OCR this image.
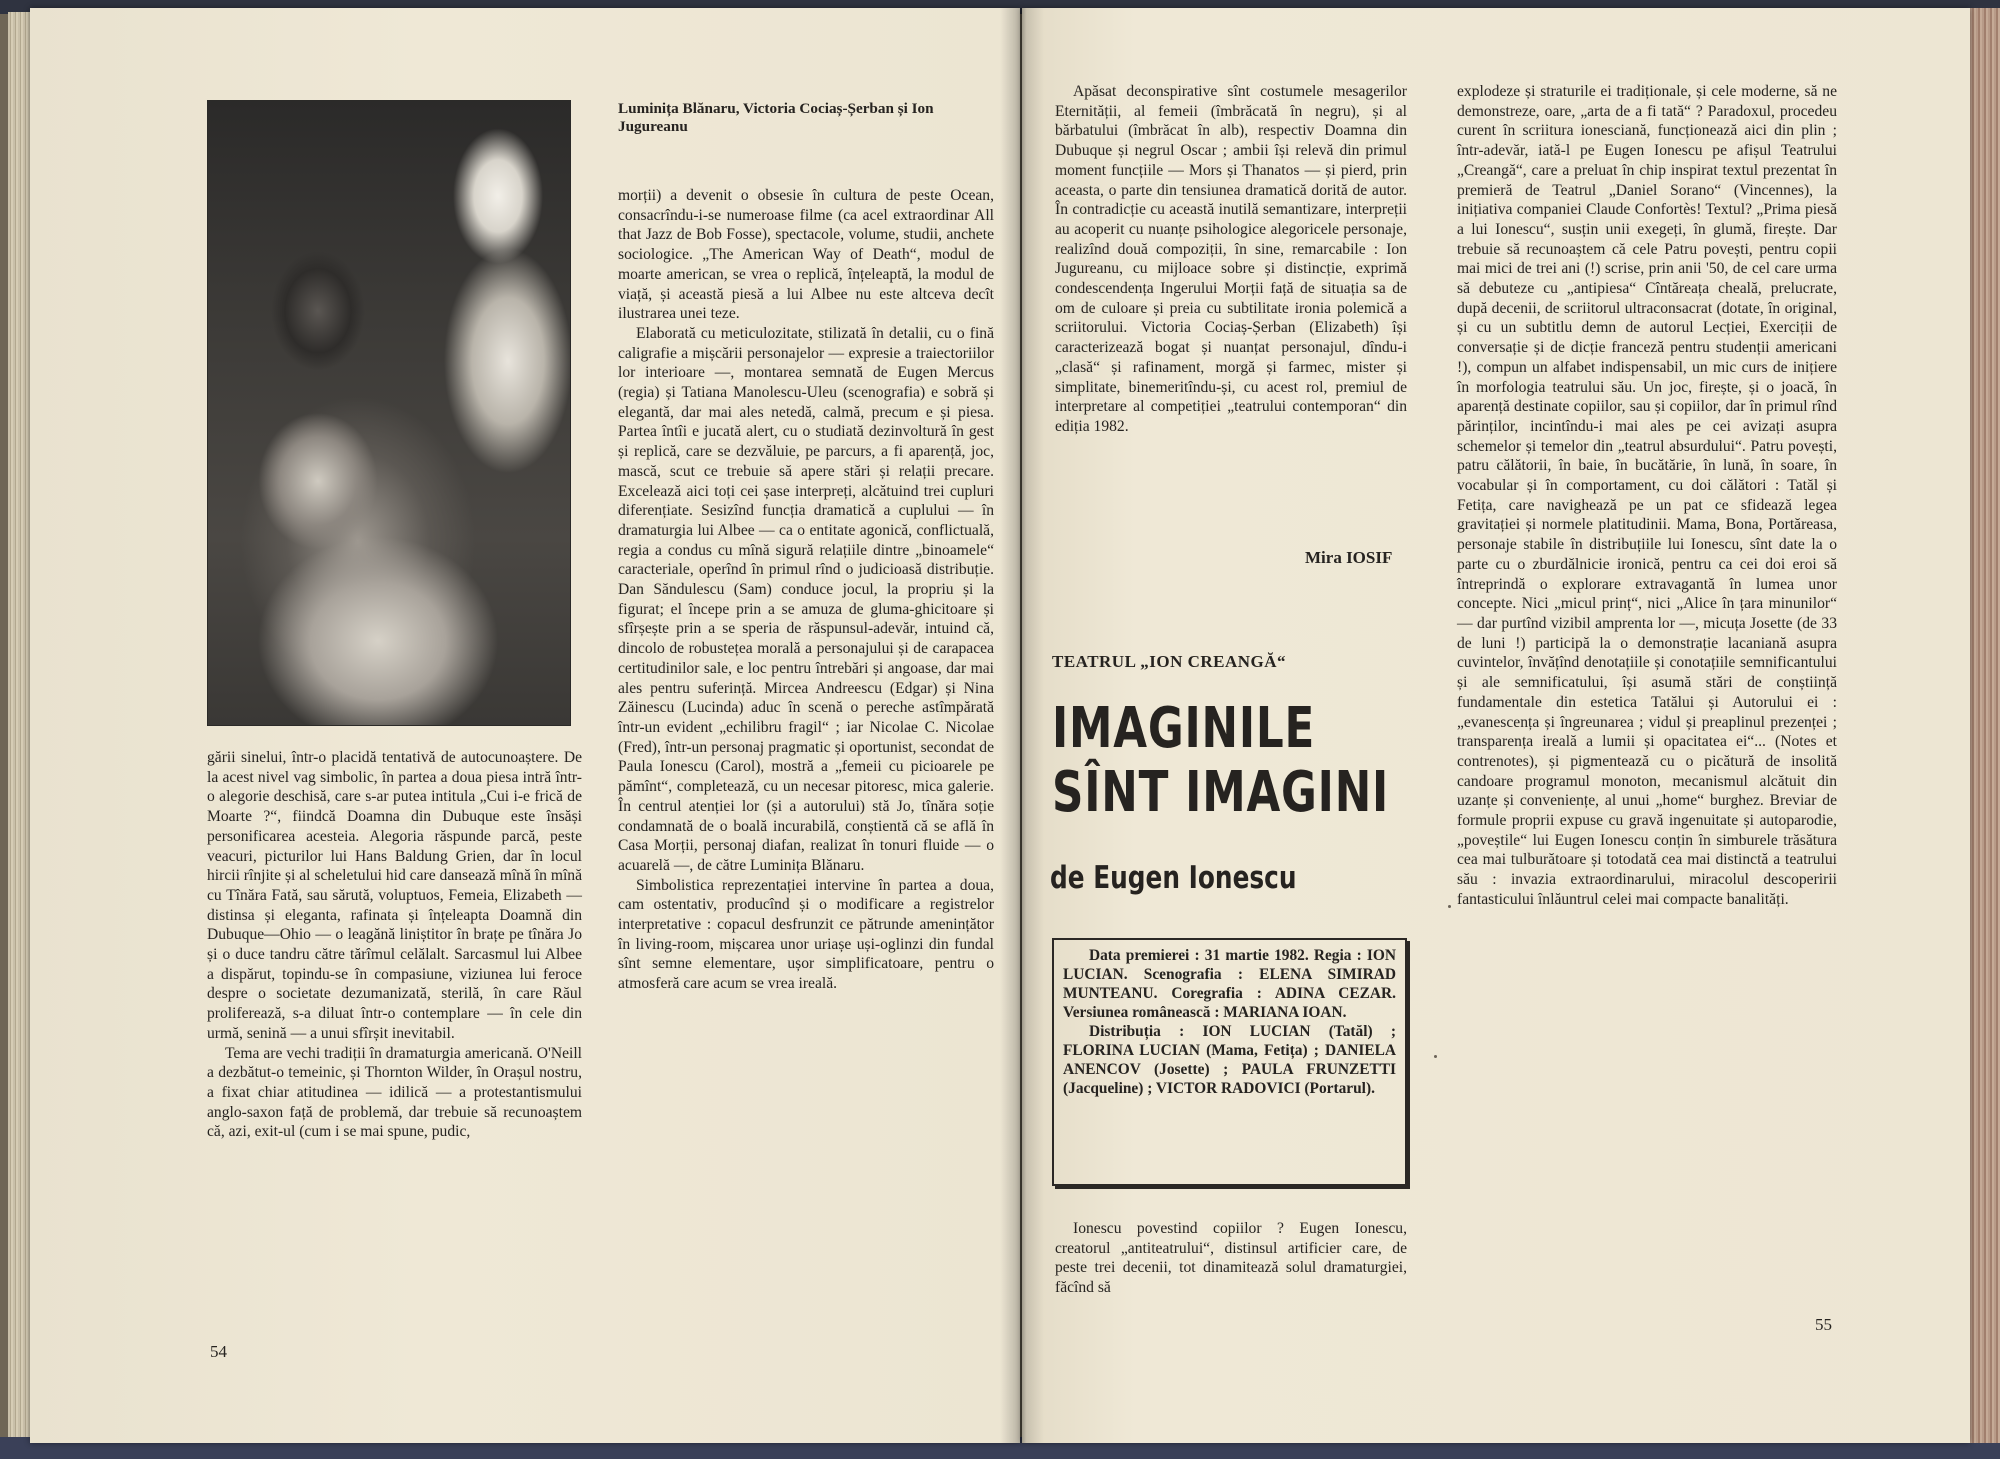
Luminița Blănaru, Victoria Cociaș-Șerban și Ion Jugureanu

gării sinelui, într-o placidă tentativă de autocunoaștere. De la acest nivel vag simbolic, în partea a doua piesa intră într-o alegorie deschisă, care s-ar putea intitula „Cui i-e frică de Moarte ?“, fiindcă Doamna din Dubuque este însăși personificarea acesteia. Alegoria răspunde parcă, peste veacuri, picturilor lui Hans Baldung Grien, dar în locul hircii rînjite și al scheletului hid care dansează mînă în mînă cu Tînăra Fată, sau sărută, voluptuos, Femeia, Elizabeth — distinsa și eleganta, rafinata și înțeleapta Doamnă din Dubuque—Ohio — o leagănă liniștitor în brațe pe tînăra Jo și o duce tandru către tărîmul celălalt. Sarcasmul lui Albee a dispărut, topindu-se în compasiune, viziunea lui feroce despre o societate dezumanizată, sterilă, în care Răul proliferează, s-a diluat într-o contemplare — în cele din urmă, senină — a unui sfîrșit inevitabil.

Tema are vechi tradiții în dramaturgia americană. O'Neill a dezbătut-o temeinic, și Thornton Wilder, în Orașul nostru, a fixat chiar atitudinea — idilică — a protestantismului anglo-saxon față de problemă, dar trebuie să recunoaștem că, azi, exit-ul (cum i se mai spune, pudic,

morții) a devenit o obsesie în cultura de peste Ocean, consacrîndu-i-se numeroase filme (ca acel extraordinar All that Jazz de Bob Fosse), spectacole, volume, studii, anchete sociologice. „The American Way of Death“, modul de moarte american, se vrea o replică, înțeleaptă, la modul de viață, și această piesă a lui Albee nu este altceva decît ilustrarea unei teze.

Elaborată cu meticulozitate, stilizată în detalii, cu o fină caligrafie a mișcării personajelor — expresie a traiectoriilor lor interioare —, montarea semnată de Eugen Mercus (regia) și Tatiana Manolescu-Uleu (scenografia) e sobră și elegantă, dar mai ales netedă, calmă, precum e și piesa. Partea întîi e jucată alert, cu o studiată dezinvoltură în gest și replică, care se dezvăluie, pe parcurs, a fi aparență, joc, mască, scut ce trebuie să apere stări și relații precare. Excelează aici toți cei șase interpreți, alcătuind trei cupluri diferențiate. Sesizînd funcția dramatică a cuplului — în dramaturgia lui Albee — ca o entitate agonică, conflictuală, regia a condus cu mînă sigură relațiile dintre „binoamele“ caracteriale, operînd în primul rînd o judicioasă distribuție. Dan Săndulescu (Sam) conduce jocul, la propriu și la figurat; el începe prin a se amuza de gluma-ghicitoare și sfîrșește prin a se speria de răspunsul-adevăr, intuind că, dincolo de robustețea morală a personajului și de carapacea certitudinilor sale, e loc pentru întrebări și angoase, dar mai ales pentru suferință. Mircea Andreescu (Edgar) și Nina Zăinescu (Lucinda) aduc în scenă o pereche astîmpărată într-un evident „echilibru fragil“ ; iar Nicolae C. Nicolae (Fred), într-un personaj pragmatic și oportunist, secondat de Paula Ionescu (Carol), mostră a „femeii cu picioarele pe pămînt“, completează, cu un necesar pitoresc, mica galerie. În centrul atenției lor (și a autorului) stă Jo, tînăra soție condamnată de o boală incurabilă, conștientă că se află în Casa Morții, personaj diafan, realizat în tonuri fluide — o acuarelă —, de către Luminița Blănaru.

Simbolistica reprezentației intervine în partea a doua, cam ostentativ, producînd și o modificare a registrelor interpretative : copacul desfrunzit ce pătrunde amenințător în living-room, mișcarea unor uriașe uși-oglinzi din fundal sînt semne elementare, ușor simplificatoare, pentru o atmosferă care acum se vrea ireală.

54

Apăsat deconspirative sînt costumele mesagerilor Eternității, al femeii (îmbrăcată în negru), și al bărbatului (îmbrăcat în alb), respectiv Doamna din Dubuque și negrul Oscar ; ambii își relevă din primul moment funcțiile — Mors și Thanatos — și pierd, prin aceasta, o parte din tensiunea dramatică dorită de autor. În contradicție cu această inutilă semantizare, interpreții au acoperit cu nuanțe psihologice alegoricele personaje, realizînd două compoziții, în sine, remarcabile : Ion Jugureanu, cu mijloace sobre și distincție, exprimă condescendența Ingerului Morții față de situația sa de om de culoare și preia cu subtilitate ironia polemică a scriitorului. Victoria Cociaș-Șerban (Elizabeth) își caracterizează bogat și nuanțat personajul, dîndu-i „clasă“ și rafinament, morgă și farmec, mister și simplitate, binemeritîndu-și, cu acest rol, premiul de interpretare al competiției „teatrului contemporan“ din ediția 1982.

Mira IOSIF
TEATRUL „ION CREANGĂ“
IMAGINILE
SÎNT IMAGINI
de Eugen Ionescu

Data premierei : 31 martie 1982. Regia : ION LUCIAN. Scenografia : ELENA SIMIRAD MUNTEANU. Coregrafia : ADINA CEZAR. Versiunea românească : MARIANA IOAN.

Distribuția : ION LUCIAN (Tatăl) ; FLORINA LUCIAN (Mama, Fetița) ; DANIELA ANENCOV (Josette) ; PAULA FRUNZETTI (Jacqueline) ; VICTOR RADOVICI (Portarul).

Ionescu povestind copiilor ? Eugen Ionescu, creatorul „antiteatrului“, distinsul artificier care, de peste trei decenii, tot dinamitează solul dramaturgiei, făcînd să

explodeze și straturile ei tradiționale, și cele moderne, să ne demonstreze, oare, „arta de a fi tată“ ? Paradoxul, procedeu curent în scriitura ionesciană, funcționează aici din plin ; într-adevăr, iată-l pe Eugen Ionescu pe afișul Teatrului „Creangă“, care a preluat în chip inspirat textul prezentat în premieră de Teatrul „Daniel Sorano“ (Vincennes), la inițiativa companiei Claude Confortès! Textul? „Prima piesă a lui Ionescu“, susțin unii exegeți, în glumă, firește. Dar trebuie să recunoaștem că cele Patru povești, pentru copii mai mici de trei ani (!) scrise, prin anii '50, de cel care urma să debuteze cu „antipiesa“ Cîntăreața cheală, prelucrate, după decenii, de scriitorul ultraconsacrat (dotate, în original, și cu un subtitlu demn de autorul Lecției, Exerciții de conversație și de dicție franceză pentru studenții americani !), compun un alfabet indispensabil, un mic curs de inițiere în morfologia teatrului său. Un joc, firește, și o joacă, în aparență destinate copiilor, sau și copiilor, dar în primul rînd părinților, incintîndu-i mai ales pe cei avizați asupra schemelor și temelor din „teatrul absurdului“. Patru povești, patru călătorii, în baie, în bucătărie, în lună, în soare, în vocabular și în comportament, cu doi călători : Tatăl și Fetița, care navighează pe un pat ce sfidează legea gravitației și normele platitudinii. Mama, Bona, Portăreasa, personaje stabile în distribuțiile lui Ionescu, sînt date la o parte cu o zburdălnicie ironică, pentru ca cei doi eroi să întreprindă o explorare extravagantă în lumea unor concepte. Nici „micul prinț“, nici „Alice în țara minunilor“ — dar purtînd vizibil amprenta lor —, micuța Josette (de 33 de luni !) participă la o demonstrație lacaniană asupra cuvintelor, învățînd denotațiile și conotațiile semnificantului și ale semnificatului, își asumă stări de conștiință fundamentale din estetica Tatălui și Autorului ei : „evanescența și îngreunarea ; vidul și preaplinul prezenței ; transparența ireală a lumii și opacitatea ei“... (Notes et contrenotes), și pigmentează cu o picătură de insolită candoare programul monoton, mecanismul alcătuit din uzanțe și conveniențe, al unui „home“ burghez. Breviar de formule proprii expuse cu gravă ingenuitate și autoparodie, „poveștile“ lui Eugen Ionescu conțin în simburele trăsătura cea mai tulburătoare și totodată cea mai distinctă a teatrului său : invazia extraordinarului, miracolul descoperirii fantasticului înlăuntrul celei mai compacte banalități.

55
